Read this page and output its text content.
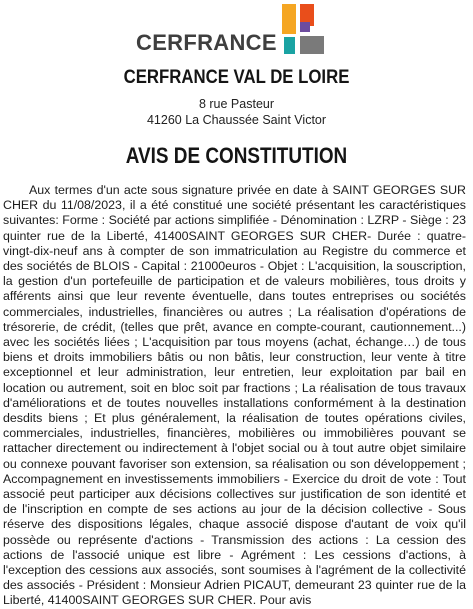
CERFRANCE
CERFRANCE VAL DE LOIRE
8 rue Pasteur
41260 La Chaussée Saint Victor
AVIS DE CONSTITUTION
Aux termes d'un acte sous signature privée en date à SAINT GEORGES SUR CHER du 11/08/2023, il a été constitué une société présentant les caractéristiques suivantes: Forme : Société par actions simplifiée - Dénomination : LZRP - Siège : 23 quinter rue de la Liberté, 41400SAINT GEORGES SUR CHER- Durée : quatre-vingt-dix-neuf ans à compter de son immatriculation au Registre du commerce et des sociétés de BLOIS - Capital : 21000euros - Objet : L'acquisition, la souscription, la gestion d'un portefeuille de participation et de valeurs mobilières, tous droits y afférents ainsi que leur revente éventuelle, dans toutes entreprises ou sociétés commerciales, industrielles, financières ou autres ; La réalisation d'opérations de trésorerie, de crédit, (telles que prêt, avance en compte-courant, cautionnement...) avec les sociétés liées ; L'acquisition par tous moyens (achat, échange…) de tous biens et droits immobiliers bâtis ou non bâtis, leur construction, leur vente à titre exceptionnel et leur administration, leur entretien, leur exploitation par bail en location ou autrement, soit en bloc soit par fractions ; La réalisation de tous travaux d'améliorations et de toutes nouvelles installations conformément à la destination desdits biens ; Et plus généralement, la réalisation de toutes opérations civiles, commerciales, industrielles, financières, mobilières ou immobilières pouvant se rattacher directement ou indirectement à l'objet social ou à tout autre objet similaire ou connexe pouvant favoriser son extension, sa réalisation ou son développement ; Accompagnement en investissements immobiliers - Exercice du droit de vote : Tout associé peut participer aux décisions collectives sur justification de son identité et de l'inscription en compte de ses actions au jour de la décision collective - Sous réserve des dispositions légales, chaque associé dispose d'autant de voix qu'il possède ou représente d'actions - Transmission des actions : La cession des actions de l'associé unique est libre - Agrément : Les cessions d'actions, à l'exception des cessions aux associés, sont soumises à l'agrément de la collectivité des associés - Président : Monsieur Adrien PICAUT, demeurant 23 quinter rue de la Liberté, 41400SAINT GEORGES SUR CHER. Pour avis
